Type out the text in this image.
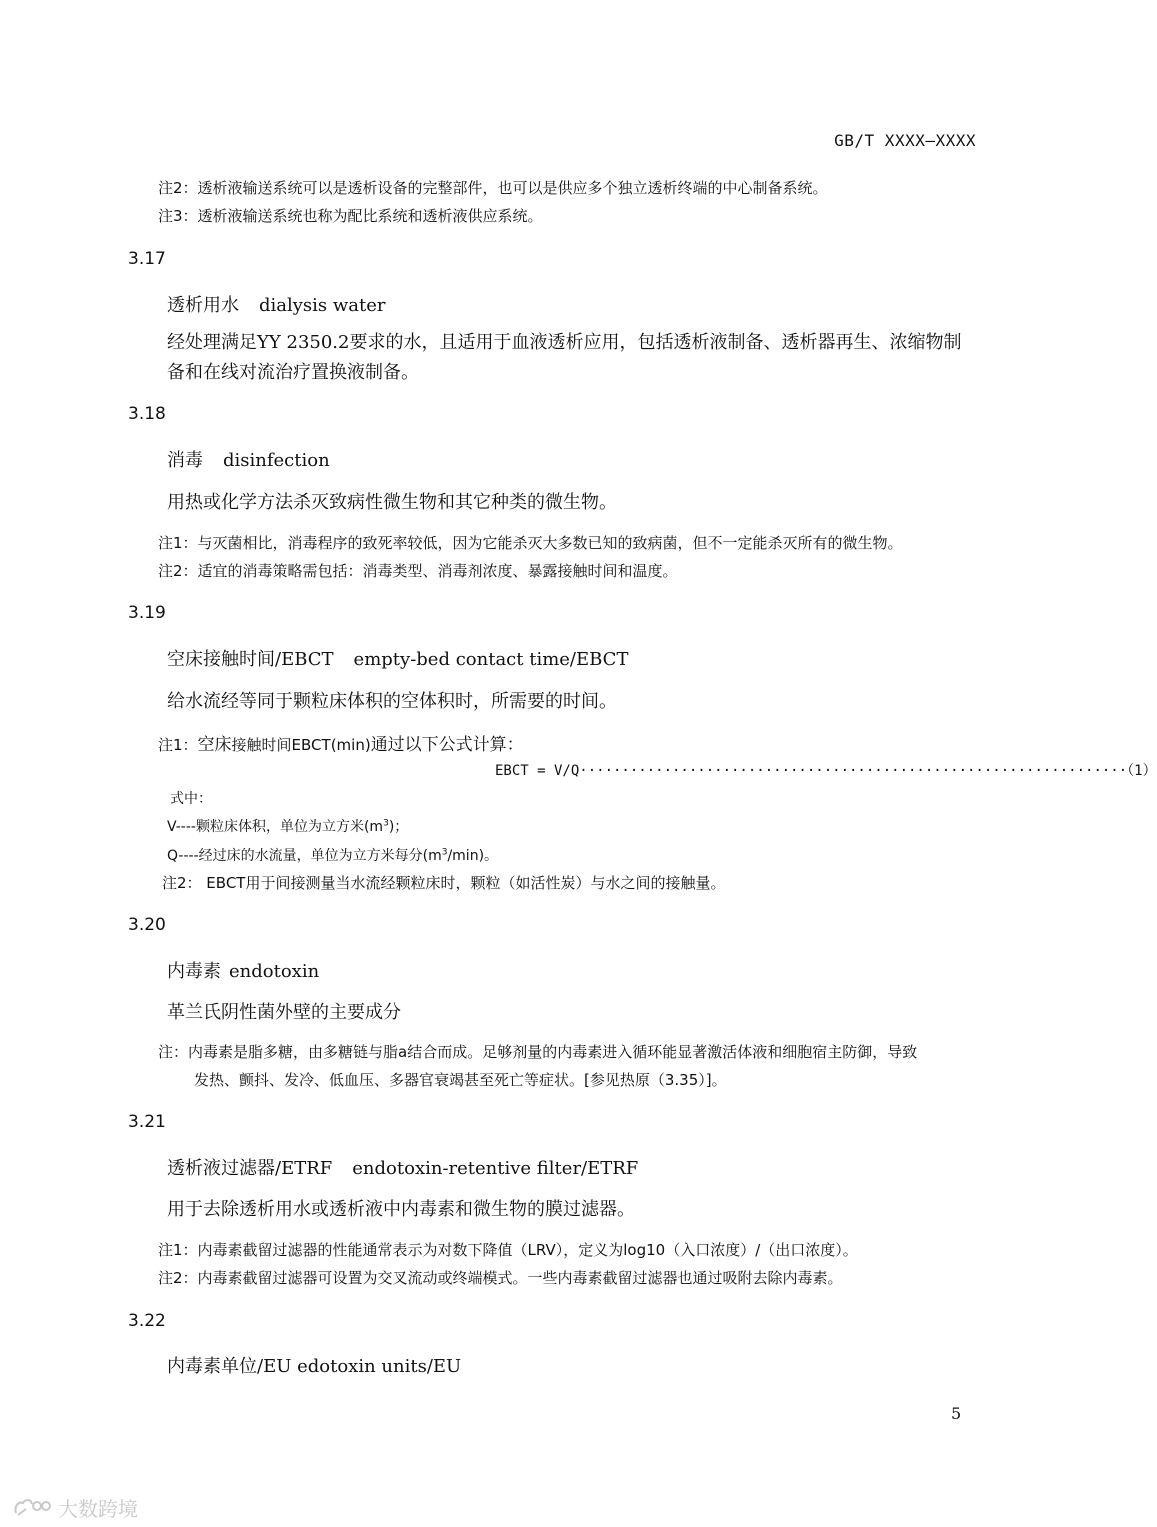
GB/T XXXX—XXXX
注2：透析液输送系统可以是透析设备的完整部件，也可以是供应多个独立透析终端的中心制备系统。
注3：透析液输送系统也称为配比系统和透析液供应系统。
3.17
透析用水 dialysis water
经处理满足YY 2350.2要求的水，且适用于血液透析应用，包括透析液制备、透析器再生、浓缩物制备和在线对流治疗置换液制备。
3.18
消毒 disinfection
用热或化学方法杀灭致病性微生物和其它种类的微生物。
注1：与灭菌相比，消毒程序的致死率较低，因为它能杀灭大多数已知的致病菌，但不一定能杀灭所有的微生物。
注2：适宜的消毒策略需包括：消毒类型、消毒剂浓度、暴露接触时间和温度。
3.19
空床接触时间/EBCT empty-bed contact time/EBCT
给水流经等同于颗粒床体积的空体积时，所需要的时间。
注1：空床接触时间EBCT(min)通过以下公式计算：
EBCT = V/Q·································································（1）
式中：
V----颗粒床体积，单位为立方米$(m^3)$；
Q----经过床的水流量，单位为立方米每分$(m^3/\min)$。
注2： EBCT用于间接测量当水流经颗粒床时，颗粒（如活性炭）与水之间的接触量。
3.20
内毒素 endotoxin
革兰氏阴性菌外壁的主要成分
注：内毒素是脂多糖，由多糖链与脂a结合而成。足够剂量的内毒素进入循环能显著激活体液和细胞宿主防御，导致
发热、颤抖、发冷、低血压、多器官衰竭甚至死亡等症状。[参见热原（3.35）]。
3.21
透析液过滤器/ETRF endotoxin-retentive filter/ETRF
用于去除透析用水或透析液中内毒素和微生物的膜过滤器。
注1：内毒素截留过滤器的性能通常表示为对数下降值（LRV），定义为log10（入口浓度）/（出口浓度）。
注2：内毒素截留过滤器可设置为交叉流动或终端模式。一些内毒素截留过滤器也通过吸附去除内毒素。
3.22
内毒素单位/EU edotoxin units/EU
5
大数跨境
